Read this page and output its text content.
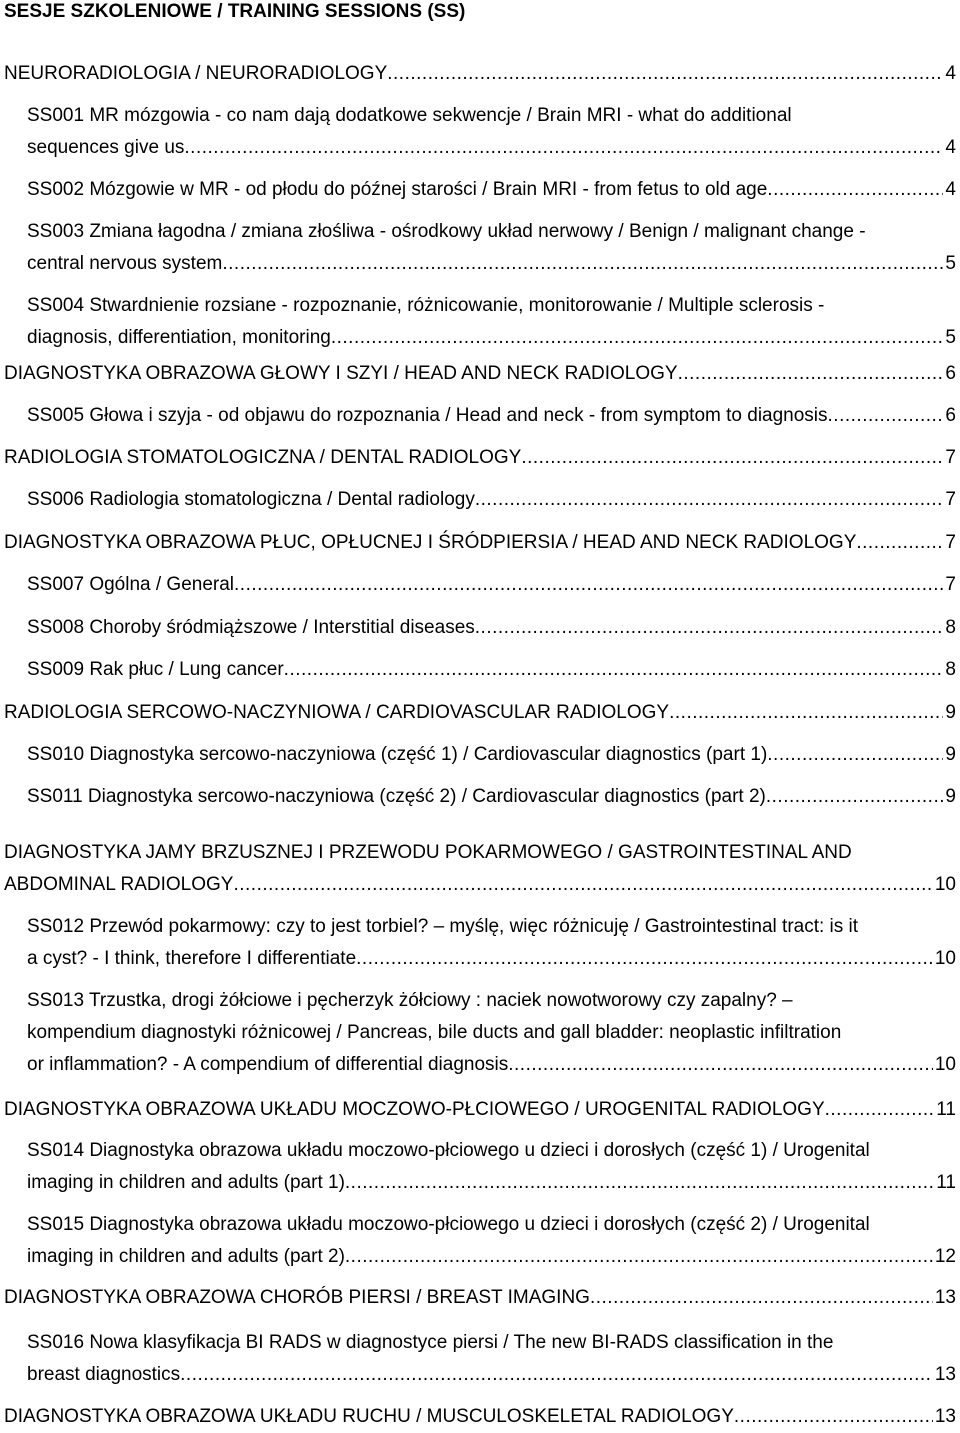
SESJE SZKOLENIOWE / TRAINING SESSIONS (SS)
NEURORADIOLOGIA / NEURORADIOLOGY .....	4
SS001 MR mózgowia - co nam dają dodatkowe sekwencje / Brain MRI - what do additional
sequences give us .....	4
SS002 Mózgowie w MR - od płodu do późnej starości / Brain MRI - from fetus to old age .....	4
SS003 Zmiana łagodna / zmiana złośliwa - ośrodkowy układ nerwowy / Benign / malignant change -
central nervous system .....	5
SS004 Stwardnienie rozsiane - rozpoznanie, różnicowanie, monitorowanie / Multiple sclerosis -
diagnosis, differentiation, monitoring .....	5
DIAGNOSTYKA OBRAZOWA GŁOWY I SZYI / HEAD AND NECK RADIOLOGY .....	6
SS005 Głowa i szyja - od objawu do rozpoznania / Head and neck - from symptom to diagnosis .....	6
RADIOLOGIA STOMATOLOGICZNA / DENTAL RADIOLOGY .....	7
SS006 Radiologia stomatologiczna / Dental radiology .....	7
DIAGNOSTYKA OBRAZOWA PŁUC, OPŁUCNEJ I ŚRÓDPIERSIA / HEAD AND NECK RADIOLOGY .....	7
SS007 Ogólna / General .....	7
SS008 Choroby śródmiąższowe / Interstitial diseases .....	8
SS009 Rak płuc / Lung cancer .....	8
RADIOLOGIA SERCOWO-NACZYNIOWA / CARDIOVASCULAR RADIOLOGY .....	9
SS010 Diagnostyka sercowo-naczyniowa (część 1) / Cardiovascular diagnostics (part 1) .....	9
SS011 Diagnostyka sercowo-naczyniowa (część 2) / Cardiovascular diagnostics (part 2) .....	9
DIAGNOSTYKA JAMY BRZUSZNEJ I PRZEWODU POKARMOWEGO / GASTROINTESTINAL AND
ABDOMINAL RADIOLOGY .....	10
SS012 Przewód pokarmowy: czy to jest torbiel? – myślę, więc różnicuję / Gastrointestinal tract: is it
a cyst? - I think, therefore I differentiate .....	10
SS013 Trzustka, drogi żółciowe i pęcherzyk żółciowy : naciek nowotworowy czy zapalny? –
kompendium diagnostyki różnicowej / Pancreas, bile ducts and gall bladder: neoplastic infiltration
or inflammation? - A compendium of differential diagnosis .....	10
DIAGNOSTYKA OBRAZOWA UKŁADU MOCZOWO-PŁCIOWEGO / UROGENITAL RADIOLOGY .....	11
SS014 Diagnostyka obrazowa układu moczowo-płciowego u dzieci i dorosłych (część 1) / Urogenital
imaging in children and adults (part 1) .....	11
SS015 Diagnostyka obrazowa układu moczowo-płciowego u dzieci i dorosłych (część 2) / Urogenital
imaging in children and adults (part 2) .....	12
DIAGNOSTYKA OBRAZOWA CHORÓB PIERSI / BREAST IMAGING .....	13
SS016 Nowa klasyfikacja BI RADS w diagnostyce piersi / The new BI-RADS classification in the
breast diagnostics .....	13
DIAGNOSTYKA OBRAZOWA UKŁADU RUCHU / MUSCULOSKELETAL RADIOLOGY .....	13
